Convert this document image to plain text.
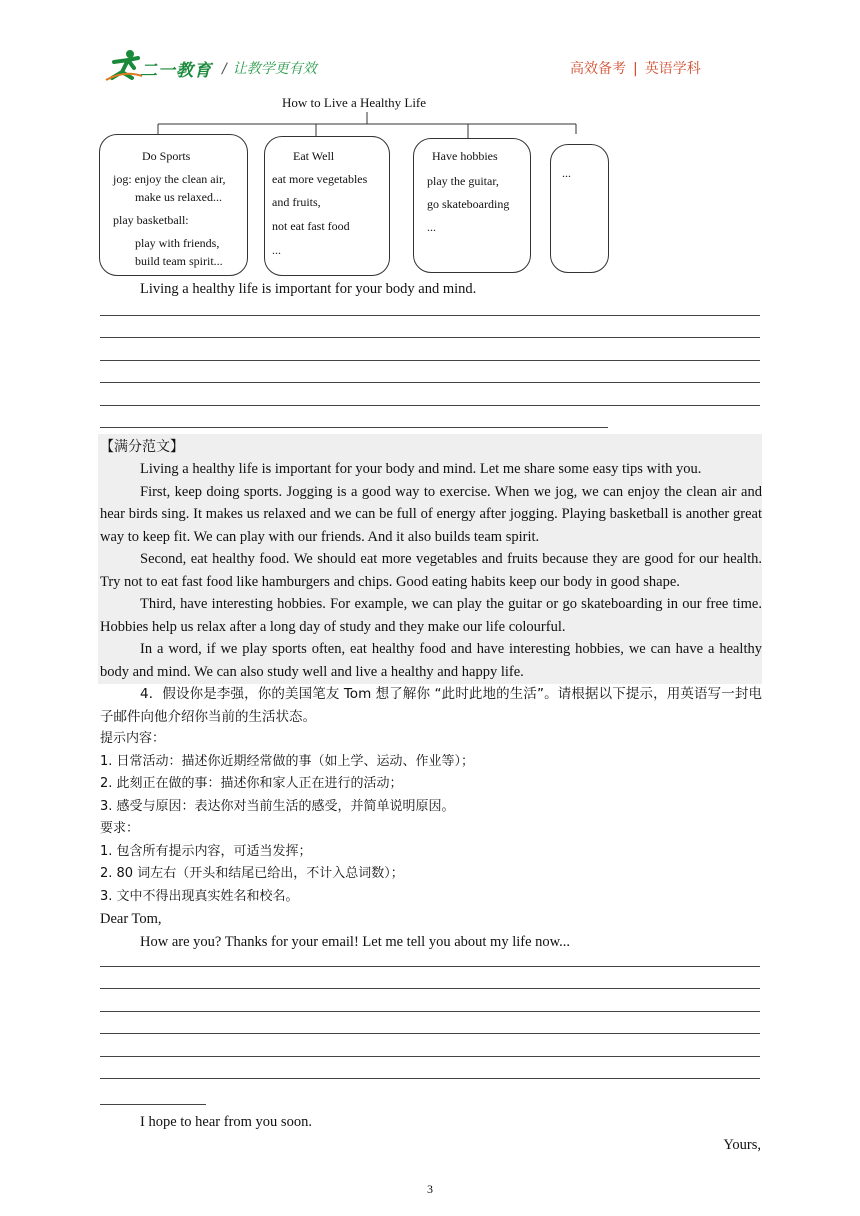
二一教育 / 让教学更有效	高效备考 | 英语学科
How to Live a Healthy Life
Do Sports
jog: enjoy the clean air,
make us relaxed...
play basketball:
play with friends,
build team spirit...
Eat Well
eat more vegetables
and fruits,
not eat fast food
...
Have hobbies
play the guitar,
go skateboarding
...
...
Living a healthy life is important for your body and mind.
【满分范文】
Living a healthy life is important for your body and mind. Let me share some easy tips with you.
First, keep doing sports. Jogging is a good way to exercise. When we jog, we can enjoy the clean air and hear birds sing. It makes us relaxed and we can be full of energy after jogging. Playing basketball is another great way to keep fit. We can play with our friends. And it also builds team spirit.
Second, eat healthy food. We should eat more vegetables and fruits because they are good for our health. Try not to eat fast food like hamburgers and chips. Good eating habits keep our body in good shape.
Third, have interesting hobbies. For example, we can play the guitar or go skateboarding in our free time. Hobbies help us relax after a long day of study and they make our life colourful.
In a word, if we play sports often, eat healthy food and have interesting hobbies, we can have a healthy body and mind. We can also study well and live a healthy and happy life.
4．假设你是李强，你的美国笔友 Tom 想了解你 “此时此地的生活”。请根据以下提示，用英语写一封电子邮件向他介绍你当前的生活状态。
提示内容：
1. 日常活动：描述你近期经常做的事（如上学、运动、作业等）；
2. 此刻正在做的事：描述你和家人正在进行的活动；
3. 感受与原因：表达你对当前生活的感受，并简单说明原因。
要求：
1. 包含所有提示内容，可适当发挥；
2. 80 词左右（开头和结尾已给出，不计入总词数）；
3. 文中不得出现真实姓名和校名。
Dear Tom,
How are you? Thanks for your email! Let me tell you about my life now...
I hope to hear from you soon.
Yours,
3
